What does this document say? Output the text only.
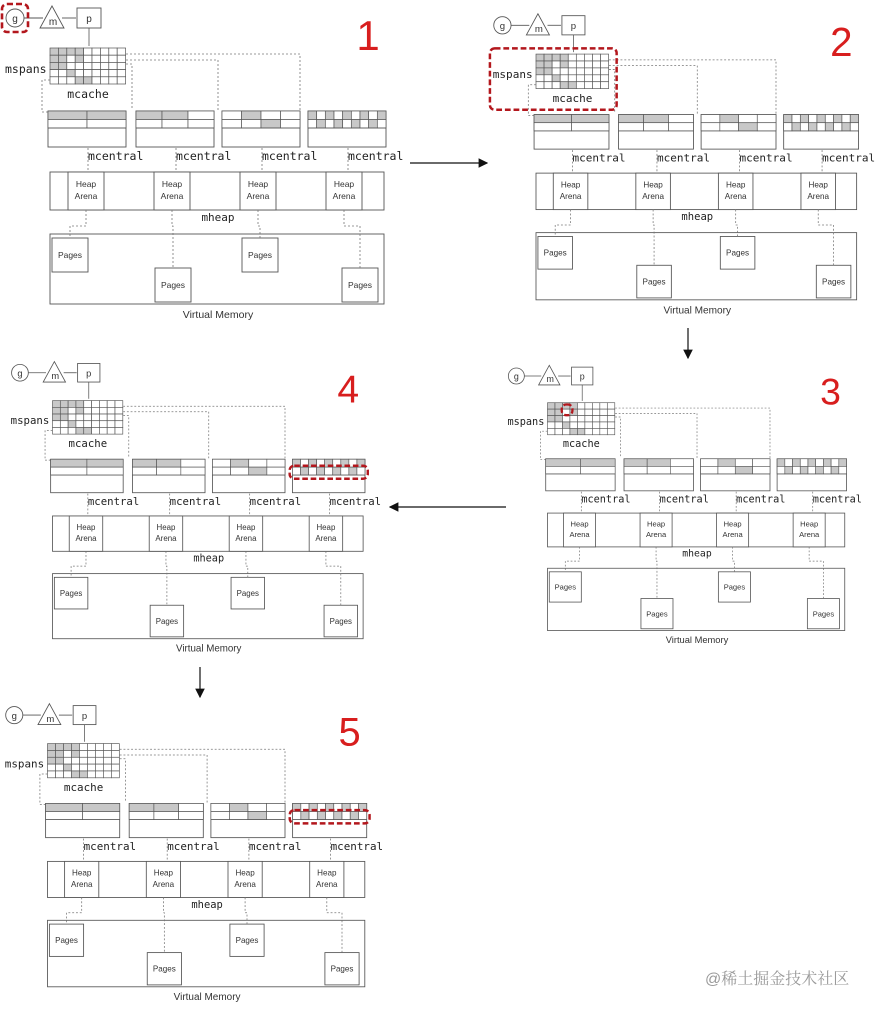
g	m	p
mspans
mcache
mcentral	mcentral	mcentral	mcentral
Heap
Arena
Heap
Arena
Heap
Arena
Heap
Arena
mheap
Pages
Pages
Pages
Pages
Virtual Memory
1	g	m	p
mspans
mcache
mcentral	mcentral	mcentral	mcentral
Heap
Arena
Heap
Arena
Heap
Arena
Heap
Arena
mheap
Pages
Pages
Pages
Pages
Virtual Memory
2
g	m	p
mspans
mcache
mcentral	mcentral mcentral mcentral
Heap
Arena
Heap
Arena
Heap
Arena
Heap
Arena
mheap
Pages
Pages
Pages
Pages
Virtual Memory
3
g	m	p
mspans
mcache
mcentral	mcentral mcentral mcentral
Heap
Arena
Heap
Arena
Heap
Arena
Heap
Arena
mheap
Pages
Pages
Pages
Pages
Virtual Memory
4
g	m	p
mspans
mcache
mcentral	mcentral	mcentral	mcentral
Heap
Arena
Heap
Arena
Heap
Arena
Heap
Arena
mheap
Pages
Pages
Pages
Pages
Virtual Memory
5
@稀土掘金技术社区
